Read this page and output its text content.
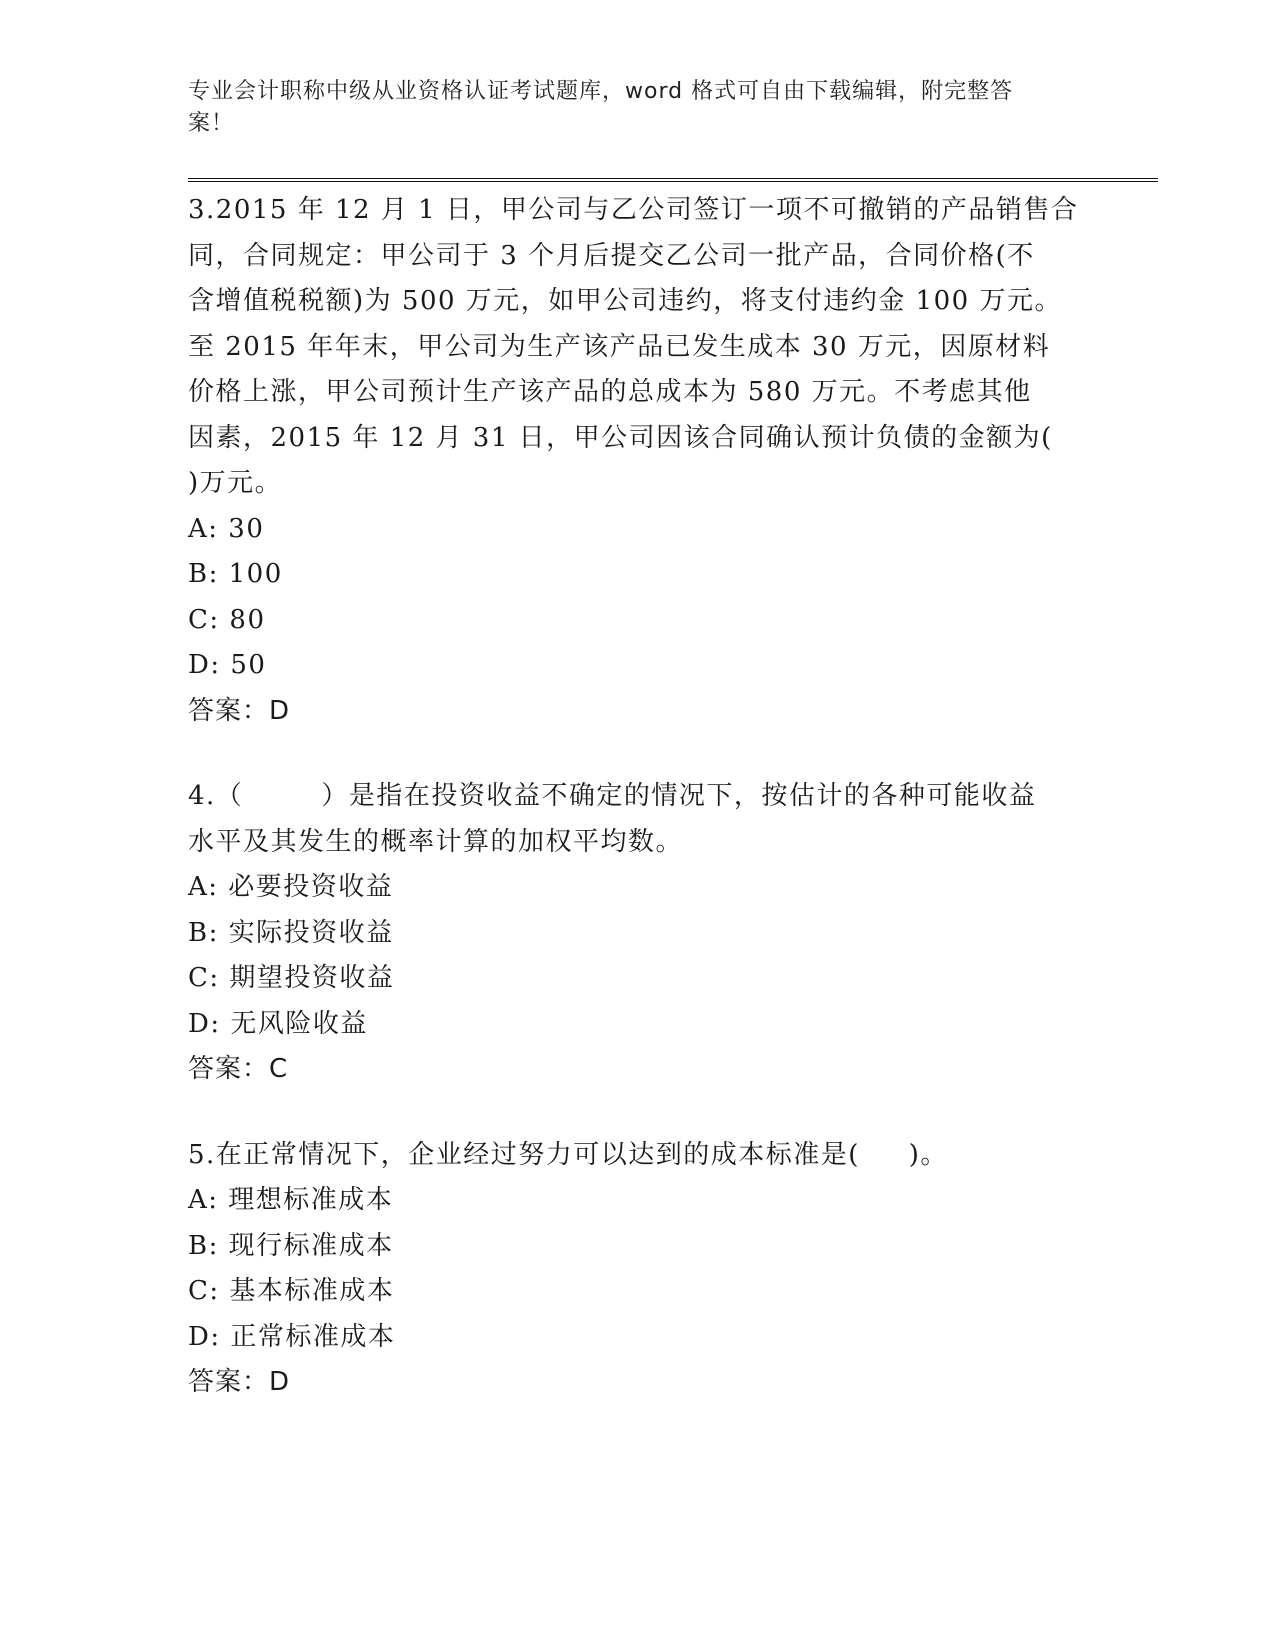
专业会计职称中级从业资格认证考试题库，word 格式可自由下载编辑，附完整答
案！
3.2015 年 12 月 1 日，甲公司与乙公司签订一项不可撤销的产品销售合
同，合同规定：甲公司于 3 个月后提交乙公司一批产品，合同价格(不
含增值税税额)为 500 万元，如甲公司违约，将支付违约金 100 万元。
至 2015 年年末，甲公司为生产该产品已发生成本 30 万元，因原材料
价格上涨，甲公司预计生产该产品的总成本为 580 万元。不考虑其他
因素，2015 年 12 月 31 日，甲公司因该合同确认预计负债的金额为(
)万元。
A: 30
B: 100
C: 80
D: 50
答案：D
4.（        ）是指在投资收益不确定的情况下，按估计的各种可能收益
水平及其发生的概率计算的加权平均数。
A: 必要投资收益
B: 实际投资收益
C: 期望投资收益
D: 无风险收益
答案：C
5.在正常情况下，企业经过努力可以达到的成本标准是(     )。
A: 理想标准成本
B: 现行标准成本
C: 基本标准成本
D: 正常标准成本
答案：D
